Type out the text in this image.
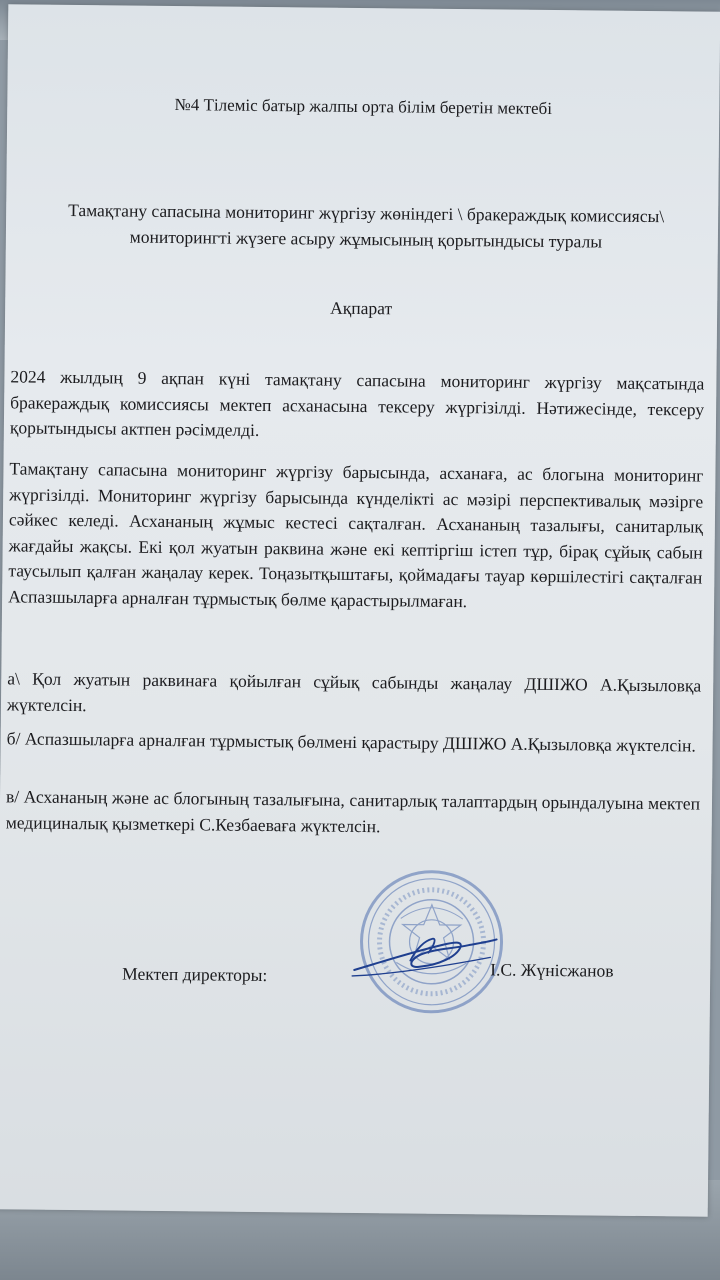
№4 Тілеміс батыр жалпы орта білім беретін мектебі

Тамақтану сапасына мониторинг жүргізу жөніндегі \ бракераждық комиссиясы\ мониторингті жүзеге асыру жұмысының қорытындысы туралы

Ақпарат

2024 жылдың 9 ақпан күні тамақтану сапасына мониторинг жүргізу мақсатында бракераждық комиссиясы мектеп асханасына тексеру жүргізілді. Нәтижесінде, тексеру қорытындысы актпен рәсімделді.

Тамақтану сапасына мониторинг жүргізу барысында, асханаға, ас блогына мониторинг жүргізілді. Мониторинг жүргізу барысында күнделікті ас мәзірі перспективалық мәзірге сәйкес келеді. Асхананың жұмыс кестесі сақталған. Асхананың тазалығы, санитарлық жағдайы жақсы. Екі қол жуатын раквина және екі кептіргіш істеп тұр, бірақ сұйық сабын таусылып қалған жаңалау керек. Тоңазытқыштағы, қоймадағы тауар көршілестігі сақталған Аспазшыларға арналған тұрмыстық бөлме қарастырылмаған.

а\ Қол жуатын раквинаға қойылған сұйық сабынды жаңалау ДШІЖО А.Қызыловқа жүктелсін.

б/ Аспазшыларға арналған тұрмыстық бөлмені қарастыру ДШІЖО А.Қызыловқа жүктелсін.

в/ Асхананың және ас блогының тазалығына, санитарлық талаптардың орындалуына мектеп медициналық қызметкері С.Кезбаеваға жүктелсін.

Мектеп директоры:	І.С. Жүнісжанов
